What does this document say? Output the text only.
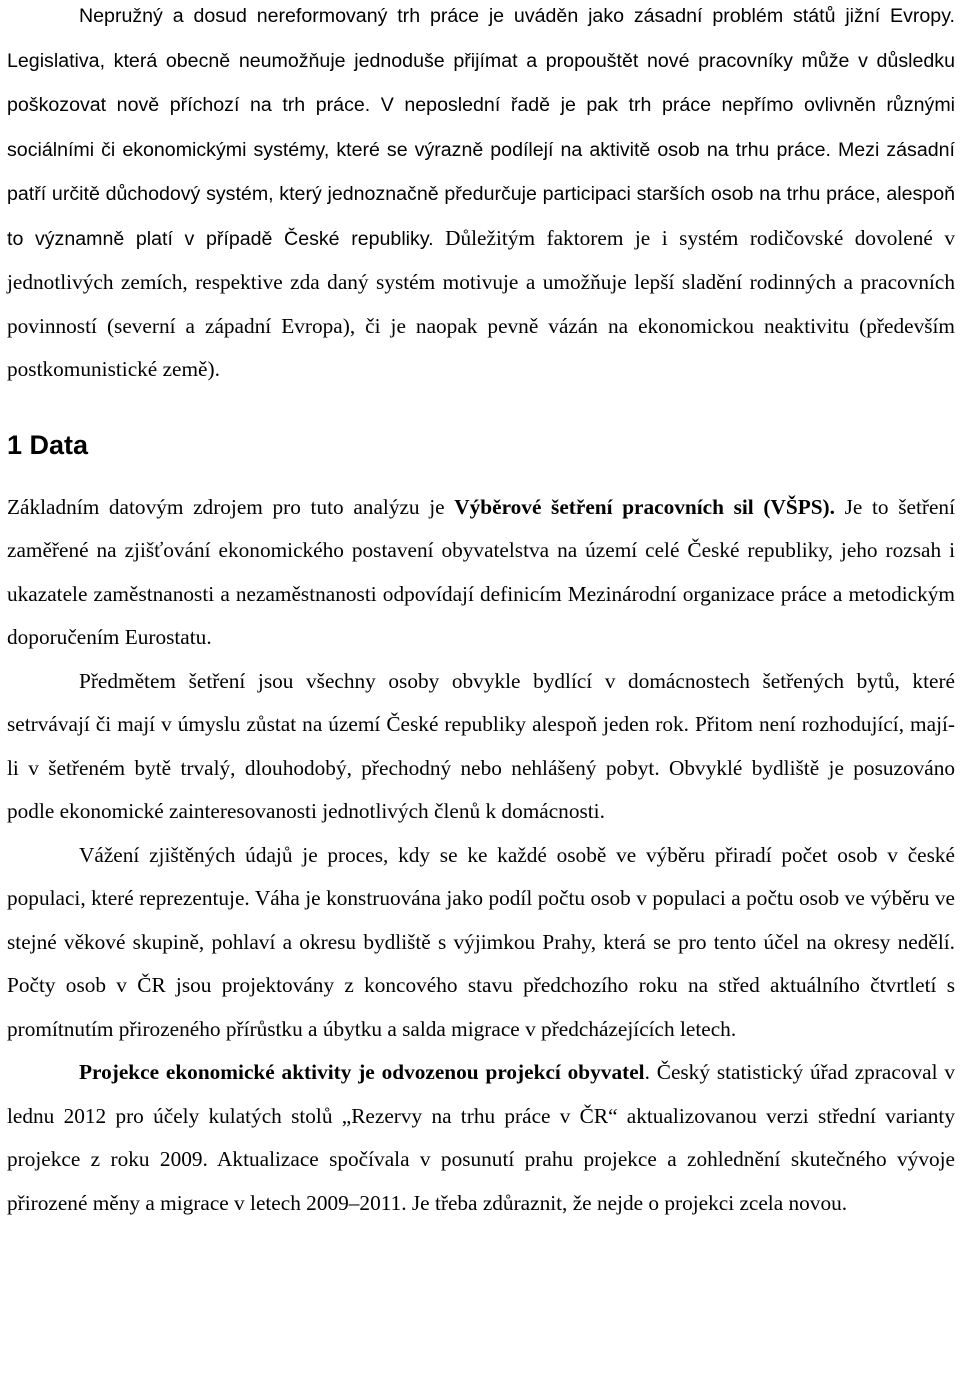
Nepružný a dosud nereformovaný trh práce je uváděn jako zásadní problém států jižní Evropy. Legislativa, která obecně neumožňuje jednoduše přijímat a propouštět nové pracovníky může v důsledku poškozovat nově příchozí na trh práce. V neposlední řadě je pak trh práce nepřímo ovlivněn různými sociálními či ekonomickými systémy, které se výrazně podílejí na aktivitě osob na trhu práce. Mezi zásadní patří určitě důchodový systém, který jednoznačně předurčuje participaci starších osob na trhu práce, alespoň to významně platí v případě České republiky. Důležitým faktorem je i systém rodičovské dovolené v jednotlivých zemích, respektive zda daný systém motivuje a umožňuje lepší sladění rodinných a pracovních povinností (severní a západní Evropa), či je naopak pevně vázán na ekonomickou neaktivitu (především postkomunistické země).

1 Data

Základním datovým zdrojem pro tuto analýzu je Výběrové šetření pracovních sil (VŠPS). Je to šetření zaměřené na zjišťování ekonomického postavení obyvatelstva na území celé České republiky, jeho rozsah i ukazatele zaměstnanosti a nezaměstnanosti odpovídají definicím Mezinárodní organizace práce a metodickým doporučením Eurostatu.

Předmětem šetření jsou všechny osoby obvykle bydlící v domácnostech šetřených bytů, které setrvávají či mají v úmyslu zůstat na území České republiky alespoň jeden rok. Přitom není rozhodující, mají-li v šetřeném bytě trvalý, dlouhodobý, přechodný nebo nehlášený pobyt. Obvyklé bydliště je posuzováno podle ekonomické zainteresovanosti jednotlivých členů k domácnosti.

Vážení zjištěných údajů je proces, kdy se ke každé osobě ve výběru přiradí počet osob v české populaci, které reprezentuje. Váha je konstruována jako podíl počtu osob v populaci a počtu osob ve výběru ve stejné věkové skupině, pohlaví a okresu bydliště s výjimkou Prahy, která se pro tento účel na okresy nedělí. Počty osob v ČR jsou projektovány z koncového stavu předchozího roku na střed aktuálního čtvrtletí s promítnutím přirozeného přírůstku a úbytku a salda migrace v předcházejících letech.

Projekce ekonomické aktivity je odvozenou projekcí obyvatel. Český statistický úřad zpracoval v lednu 2012 pro účely kulatých stolů „Rezervy na trhu práce v ČR“ aktualizovanou verzi střední varianty projekce z roku 2009. Aktualizace spočívala v posunutí prahu projekce a zohlednění skutečného vývoje přirozené měny a migrace v letech 2009–2011. Je třeba zdůraznit, že nejde o projekci zcela novou.
